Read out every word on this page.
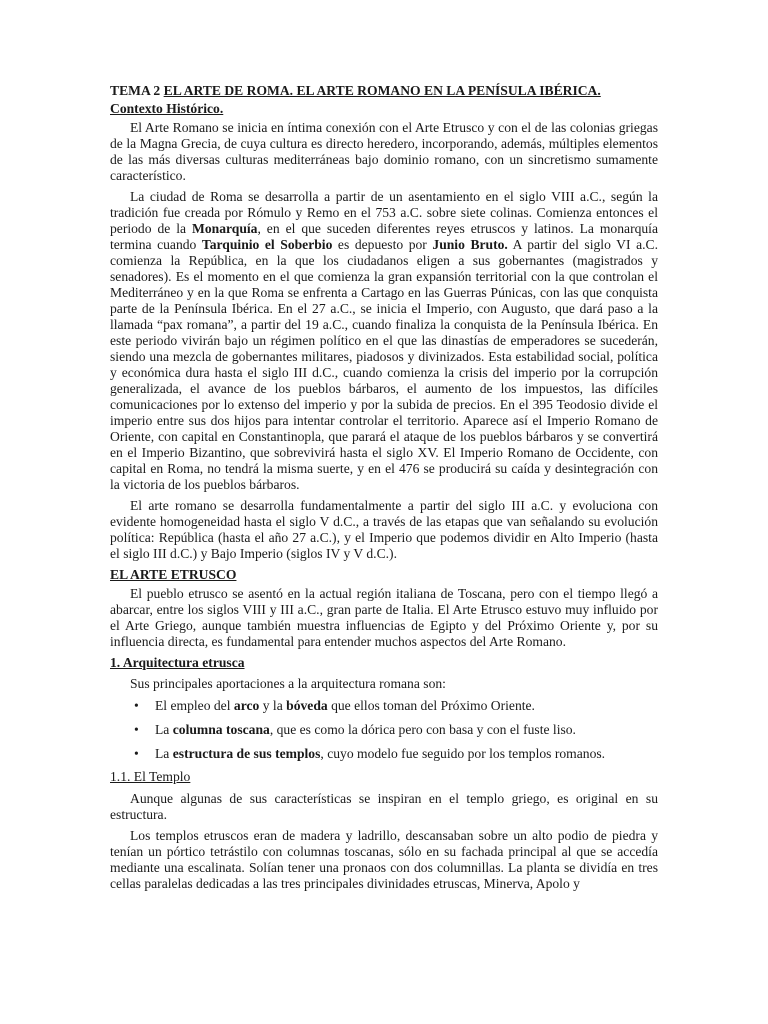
TEMA 2 EL ARTE DE ROMA. EL ARTE ROMANO EN LA PENÍSULA IBÉRICA.

Contexto Histórico.

El Arte Romano se inicia en íntima conexión con el Arte Etrusco y con el de las colonias griegas de la Magna Grecia, de cuya cultura es directo heredero, incorporando, además, múltiples elementos de las más diversas culturas mediterráneas bajo dominio romano, con un sincretismo sumamente característico.

La ciudad de Roma se desarrolla a partir de un asentamiento en el siglo VIII a.C., según la tradición fue creada por Rómulo y Remo en el 753 a.C. sobre siete colinas. Comienza entonces el periodo de la Monarquía, en el que suceden diferentes reyes etruscos y latinos. La monarquía termina cuando Tarquinio el Soberbio es depuesto por Junio Bruto. A partir del siglo VI a.C. comienza la República, en la que los ciudadanos eligen a sus gobernantes (magistrados y senadores). Es el momento en el que comienza la gran expansión territorial con la que controlan el Mediterráneo y en la que Roma se enfrenta a Cartago en las Guerras Púnicas, con las que conquista parte de la Península Ibérica. En el 27 a.C., se inicia el Imperio, con Augusto, que dará paso a la llamada “pax romana”, a partir del 19 a.C., cuando finaliza la conquista de la Península Ibérica. En este periodo vivirán bajo un régimen político en el que las dinastías de emperadores se sucederán, siendo una mezcla de gobernantes militares, piadosos y divinizados. Esta estabilidad social, política y económica dura hasta el siglo III d.C., cuando comienza la crisis del imperio por la corrupción generalizada, el avance de los pueblos bárbaros, el aumento de los impuestos, las difíciles comunicaciones por lo extenso del imperio y por la subida de precios. En el 395 Teodosio divide el imperio entre sus dos hijos para intentar controlar el territorio. Aparece así el Imperio Romano de Oriente, con capital en Constantinopla, que parará el ataque de los pueblos bárbaros y se convertirá en el Imperio Bizantino, que sobrevivirá hasta el siglo XV. El Imperio Romano de Occidente, con capital en Roma, no tendrá la misma suerte, y en el 476 se producirá su caída y desintegración con la victoria de los pueblos bárbaros.

El arte romano se desarrolla fundamentalmente a partir del siglo III a.C. y evoluciona con evidente homogeneidad hasta el siglo V d.C., a través de las etapas que van señalando su evolución política: República (hasta el año 27 a.C.), y el Imperio que podemos dividir en Alto Imperio (hasta el siglo III d.C.) y Bajo Imperio (siglos IV y V d.C.).

EL ARTE ETRUSCO

El pueblo etrusco se asentó en la actual región italiana de Toscana, pero con el tiempo llegó a abarcar, entre los siglos VIII y III a.C., gran parte de Italia. El Arte Etrusco estuvo muy influido por el Arte Griego, aunque también muestra influencias de Egipto y del Próximo Oriente y, por su influencia directa, es fundamental para entender muchos aspectos del Arte Romano.

1. Arquitectura etrusca

Sus principales aportaciones a la arquitectura romana son:

• El empleo del arco y la bóveda que ellos toman del Próximo Oriente.
• La columna toscana, que es como la dórica pero con basa y con el fuste liso.
• La estructura de sus templos, cuyo modelo fue seguido por los templos romanos.

1.1. El Templo

Aunque algunas de sus características se inspiran en el templo griego, es original en su estructura.

Los templos etruscos eran de madera y ladrillo, descansaban sobre un alto podio de piedra y tenían un pórtico tetrástilo con columnas toscanas, sólo en su fachada principal al que se accedía mediante una escalinata. Solían tener una pronaos con dos columnillas. La planta se dividía en tres cellas paralelas dedicadas a las tres principales divinidades etruscas, Minerva, Apolo y
